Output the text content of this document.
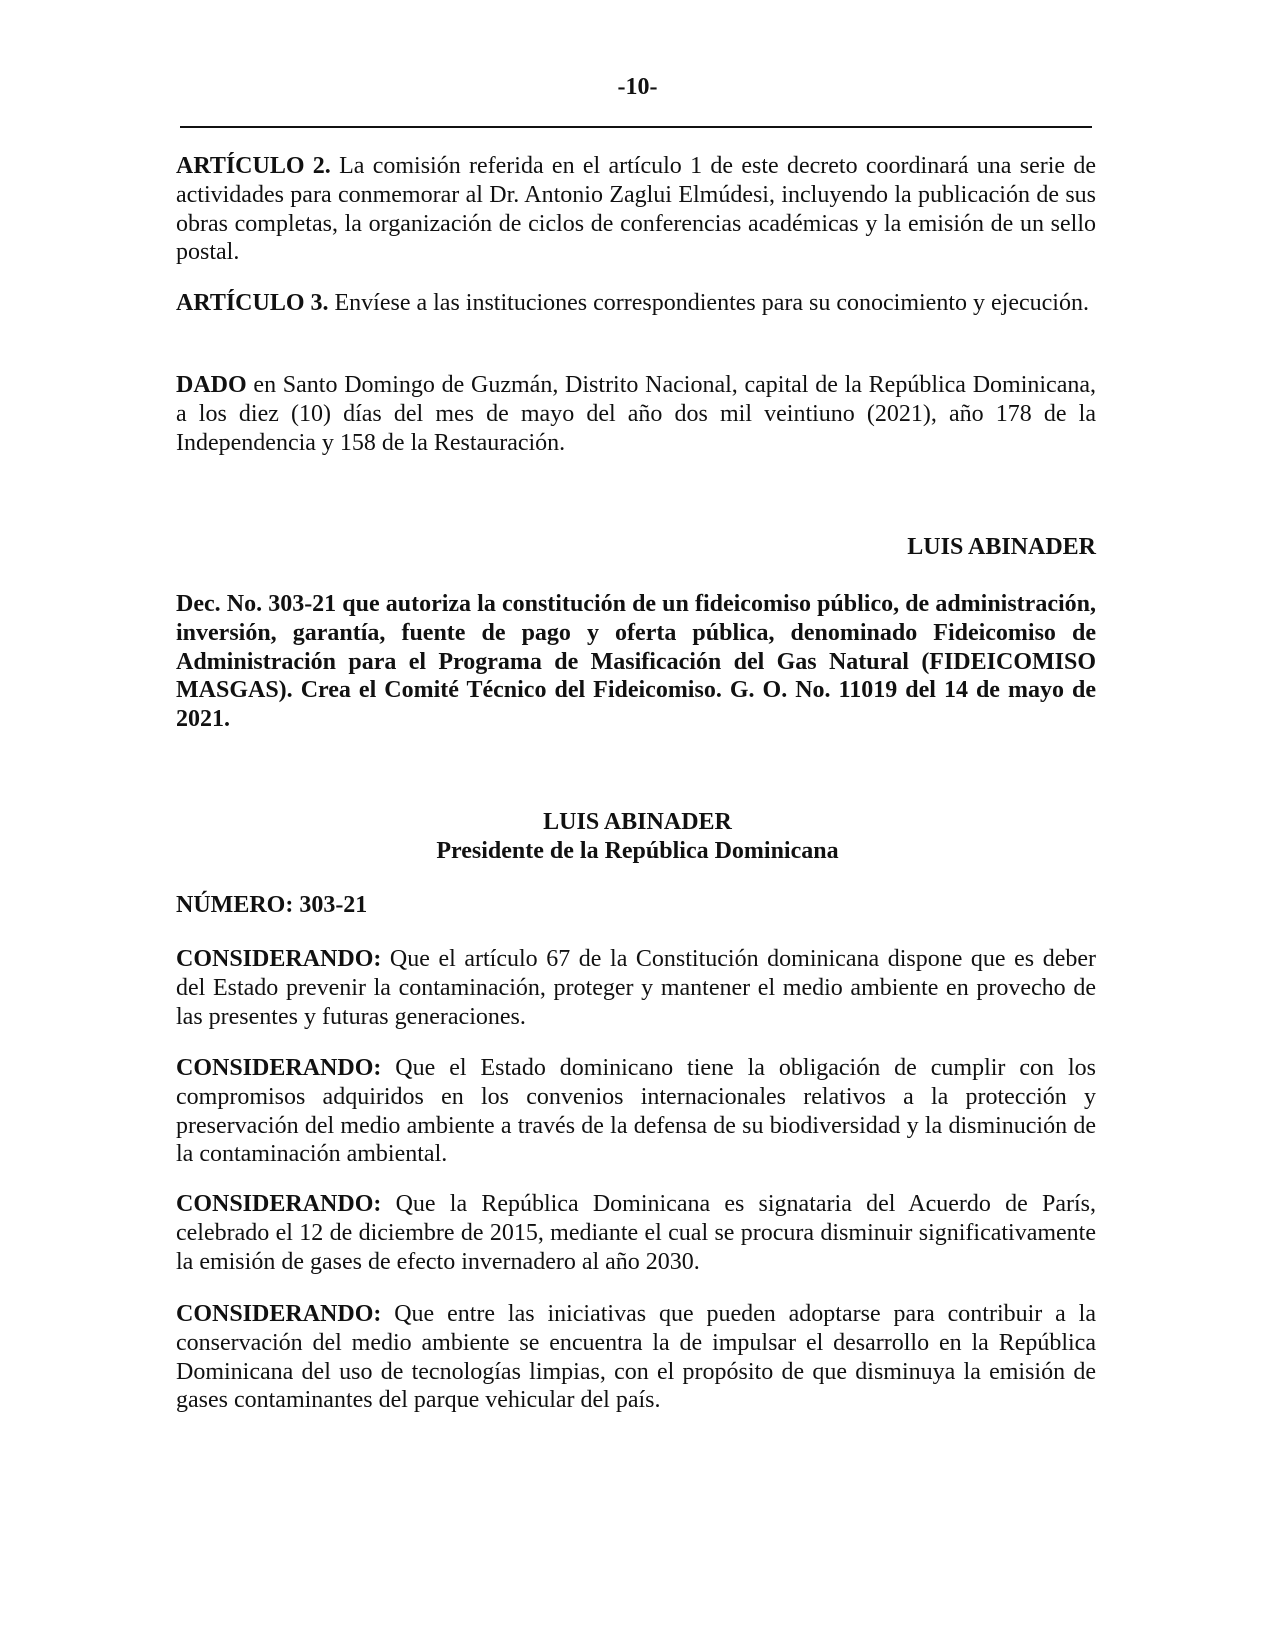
-10-

ARTÍCULO 2. La comisión referida en el artículo 1 de este decreto coordinará una serie de actividades para conmemorar al Dr. Antonio Zaglui Elmúdesi, incluyendo la publicación de sus obras completas, la organización de ciclos de conferencias académicas y la emisión de un sello postal.

ARTÍCULO 3. Envíese a las instituciones correspondientes para su conocimiento y ejecución.

DADO en Santo Domingo de Guzmán, Distrito Nacional, capital de la República Dominicana, a los diez (10) días del mes de mayo del año dos mil veintiuno (2021), año 178 de la Independencia y 158 de la Restauración.

LUIS ABINADER

Dec. No. 303-21 que autoriza la constitución de un fideicomiso público, de administración, inversión, garantía, fuente de pago y oferta pública, denominado Fideicomiso de Administración para el Programa de Masificación del Gas Natural (FIDEICOMISO MASGAS). Crea el Comité Técnico del Fideicomiso. G. O. No. 11019 del 14 de mayo de 2021.

LUIS ABINADER
Presidente de la República Dominicana

NÚMERO: 303-21

CONSIDERANDO: Que el artículo 67 de la Constitución dominicana dispone que es deber del Estado prevenir la contaminación, proteger y mantener el medio ambiente en provecho de las presentes y futuras generaciones.

CONSIDERANDO: Que el Estado dominicano tiene la obligación de cumplir con los compromisos adquiridos en los convenios internacionales relativos a la protección y preservación del medio ambiente a través de la defensa de su biodiversidad y la disminución de la contaminación ambiental.

CONSIDERANDO: Que la República Dominicana es signataria del Acuerdo de París, celebrado el 12 de diciembre de 2015, mediante el cual se procura disminuir significativamente la emisión de gases de efecto invernadero al año 2030.

CONSIDERANDO: Que entre las iniciativas que pueden adoptarse para contribuir a la conservación del medio ambiente se encuentra la de impulsar el desarrollo en la República Dominicana del uso de tecnologías limpias, con el propósito de que disminuya la emisión de gases contaminantes del parque vehicular del país.
